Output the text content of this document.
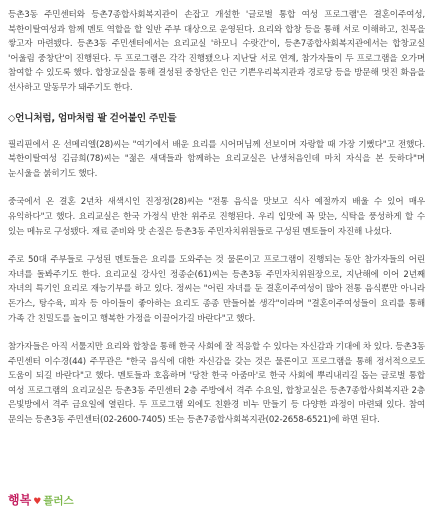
등촌3동 주민센터와 등촌7종합사회복지관이 손잡고 개설한 '글로벌 통합 여성 프로그램'은 결혼이주여성, 북한이탈여성과 함께 멘토 역할을 할 일반 주부 대상으로 운영된다. 요리와 합창 등을 통해 서로 이해하고, 친목을 쌓고자 마련됐다. 등촌3동 주민센터에서는 요리교실 '하모니 수랏간'이, 등촌7종합사회복지관에서는 합창교실 '어울림 중창단'이 진행된다. 두 프로그램은 각각 진행됐으나 지난달 서로 연계, 참가자들이 두 프로그램을 오가며 참여할 수 있도록 했다. 합창교실을 통해 결성된 중창단은 인근 기쁜우리복지관과 경로당 등을 방문해 멋진 화음을 선사하고 말동무가 돼주기도 한다.

◇언니처럼, 엄마처럼 팔 걷어붙인 주민들

필리핀에서 온 선메리엘(28)씨는 "여기에서 배운 요리를 시어머님께 선보이며 자랑할 때 가장 기뻤다"고 전했다. 북한이탈여성 김금희(78)씨는 "젊은 새댁들과 함께하는 요리교실은 난생처음인데 마치 자식을 본 듯하다"며 눈시울을 붉히기도 했다.

중국에서 온 결혼 2년차 새색시인 진정정(28)씨는 "전통 음식을 맛보고 식사 예절까지 배울 수 있어 매우 유익하다"고 했다. 요리교실은 한국 가정식 반찬 위주로 진행된다. 우리 입맛에 꼭 맞는, 식탁을 풍성하게 할 수 있는 메뉴로 구성됐다. 재료 준비와 맛 손질은 등촌3동 주민자치위원들로 구성된 멘토들이 자진해 나섰다.

주로 50대 주부들로 구성된 멘토들은 요리를 도와주는 것 물론이고 프로그램이 진행되는 동안 참가자들의 어린 자녀를 돌봐주기도 한다. 요리교실 강사인 정종순(61)씨는 등촌3동 주민자치위원장으로, 지난해에 이어 2년째 자녀의 특기인 요리로 재능기부를 하고 있다. 정씨는 "어린 자녀를 둔 결혼이주여성이 많아 전통 음식뿐만 아니라 돈가스, 탕수육, 피자 등 아이들이 좋아하는 요리도 종종 만들어볼 생각"이라며 "결혼이주여성들이 요리를 통해 가족 간 친밀도를 높이고 행복한 가정을 이끌어가길 바란다"고 했다.

참가자들은 아직 서툴지만 요리와 합창을 통해 한국 사회에 잘 적응할 수 있다는 자신감과 기대에 차 있다. 등촌3동 주민센터 이수경(44) 주무관은 "한국 음식에 대한 자신감을 갖는 것은 물론이고 프로그램을 통해 정서적으로도 도움이 되길 바란다"고 했다. 멘토들과 호흡하며 '당찬 한국 아줌마'로 한국 사회에 뿌리내리길 돕는 글로벌 통합 여성 프로그램의 요리교실은 등촌3동 주민센터 2층 주방에서 격주 수요일, 합창교실은 등촌7종합사회복지관 2층 은빛방에서 격주 금요일에 열린다. 두 프로그램 외에도 친환경 비누 만들기 등 다양한 과정이 마련돼 있다. 참여 문의는 등촌3동 주민센터(02-2600-7405) 또는 등촌7종합사회복지관(02-2658-6521)에 하면 된다.

행복 ♥ 플러스
